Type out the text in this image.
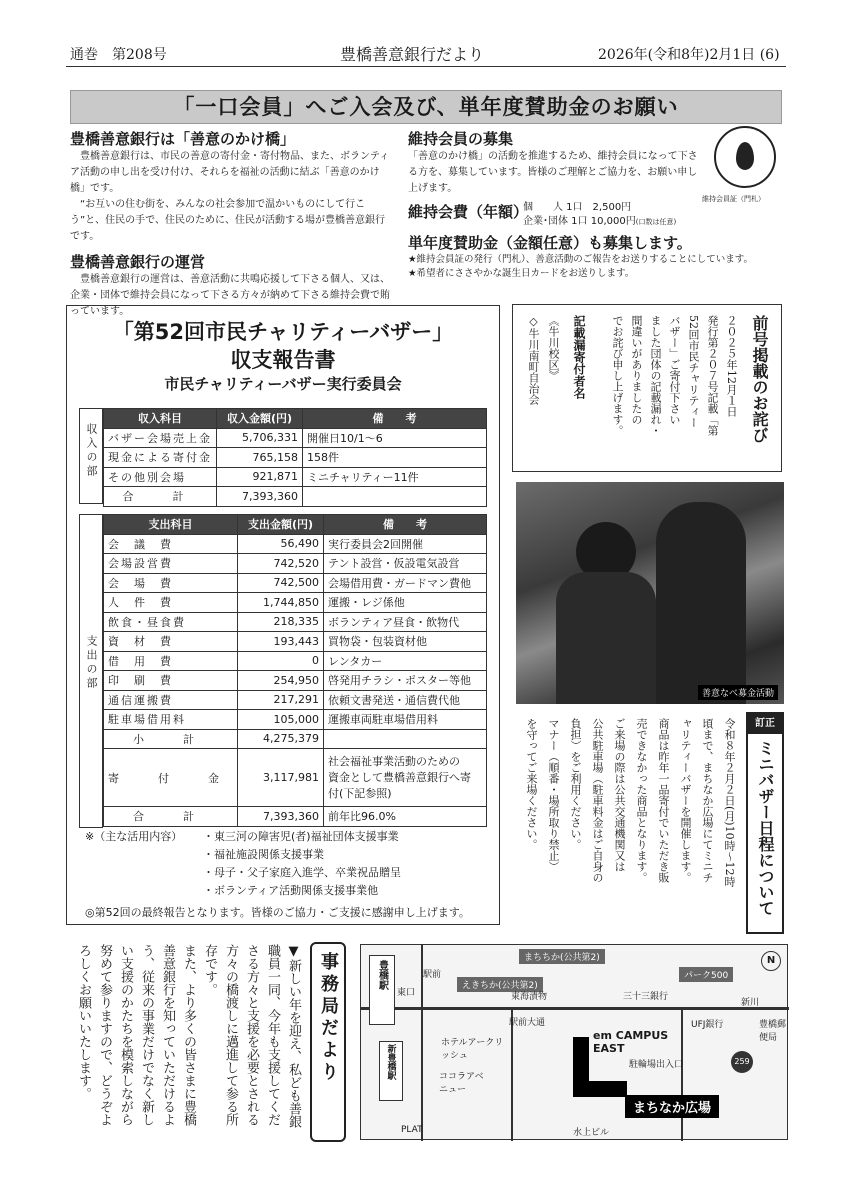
通巻　第208号	豊橋善意銀行だより	2026年(令和8年)2月1日 (6)
「一口会員」へご入会及び、単年度賛助金のお願い
豊橋善意銀行は「善意のかけ橋」
　豊橋善意銀行は、市民の善意の寄付金・寄付物品、また、ボランティア活動の申し出を受け付け、それらを福祉の活動に結ぶ「善意のかけ橋」です。
　“お互いの住む街を、みんなの社会参加で温かいものにして行こう”と、住民の手で、住民のために、住民が活動する場が豊橋善意銀行です。
豊橋善意銀行の運営
　豊橋善意銀行の運営は、善意活動に共鳴応援して下さる個人、又は、企業・団体で維持会員になって下さる方々が納めて下さる維持会費で賄っています。
維持会員の募集
「善意のかけ橋」の活動を推進するため、維持会員になって下さる方を、募集しています。皆様のご理解とご協力を、お願い申し上げます。
維持会費（年額）
個　　人 1口　 2,500円
企業･団体 1口 10,000円(口数は任意)
維持会員証（門札）
単年度賛助金（金額任意）も募集します。
★維持会員証の発行（門札）、善意活動のご報告をお送りすることにしています。
★希望者にささやかな誕生日カードをお送りします。
「第52回市民チャリティーバザー」
収支報告書
市民チャリティーバザー実行委員会
収入の部
収入科目	収入金額(円)	備　　考
バザー会場売上金	5,706,331	開催日10/1〜6
現金による寄付金	765,158	158件
その他別会場	921,871	ミニチャリティー11件
合　計	7,393,360	
支出の部
支出科目	支出金額(円)	備　　考
会　議　費	56,490	実行委員会2回開催
会場設営費	742,520	テント設営・仮設電気設営
会　場　費	742,500	会場借用費・ガードマン費他
人　件　費	1,744,850	運搬・レジ係他
飲食・昼食費	218,335	ボランティア昼食・飲物代
資　材　費	193,443	買物袋・包装資材他
借　用　費	0	レンタカー
印　刷　費	254,950	啓発用チラシ・ポスター等他
通信運搬費	217,291	依頼文書発送・通信費代他
駐車場借用料	105,000	運搬車両駐車場借用料
小　計	4,275,379	
寄　付　金	3,117,981	社会福祉事業活動のための
資金として豊橋善意銀行へ寄
付(下記参照)

合　計	7,393,360	前年比96.0%
※（主な活用内容）	・東三河の障害児(者)福祉団体支援事業
・福祉施設関係支援事業
・母子・父子家庭入進学、卒業祝品贈呈
・ボランティア活動関係支援事業他
◎第52回の最終報告となります。皆様のご協力・ご支援に感謝申し上げます。
前号掲載のお詫び
２０２５年12月１日
発行第２０７号記載「第
52回市民チャリティー
バザー」ご寄付下さい
ました団体の記載漏れ・
間違いがありましたの
でお詫び申し上げます。
記載漏寄付者名
《牛川校区》
◇牛川南町自治会
善意なべ募金活動
訂正
ミニバザー日程について
令和８年２月２日(月)10時〜12時
頃まで、まちなか広場にてミニチ
ャリティーバザーを開催します。
商品は昨年一品寄付でいただき販
売できなかった商品となります。
ご来場の際は公共交通機関又は
公共駐車場（駐車料金はご自身の
負担）をご利用ください。
マナー（順番・場所取り禁止）
を守ってご来場ください。
事務局だより
▼新しい年を迎え、私ども善銀
職員一同、今年も支援してくだ
さる方々と支援を必要とされる
方々の橋渡しに邁進して参る所
存です。
また、より多くの皆さまに豊橋
善意銀行を知っていただけるよ
う、従来の事業だけでなく新し
い支援のかたちを模索しながら
努めて参りますので、どうぞよ
ろしくお願いいたします。	豊橋駅
東口
駅前
えきちか(公共第2)
まちちか(公共第2)
パーク500
東海漬物	三十三銀行
新川
駅前大通	UFJ銀行	豊橋郵便局
ホテルアークリッシュ
ココラアベニュー
新豊橋駅
em CAMPUS EAST
駐輪場出入口	259
PLAT	水上ビル
まちなか広場
N
